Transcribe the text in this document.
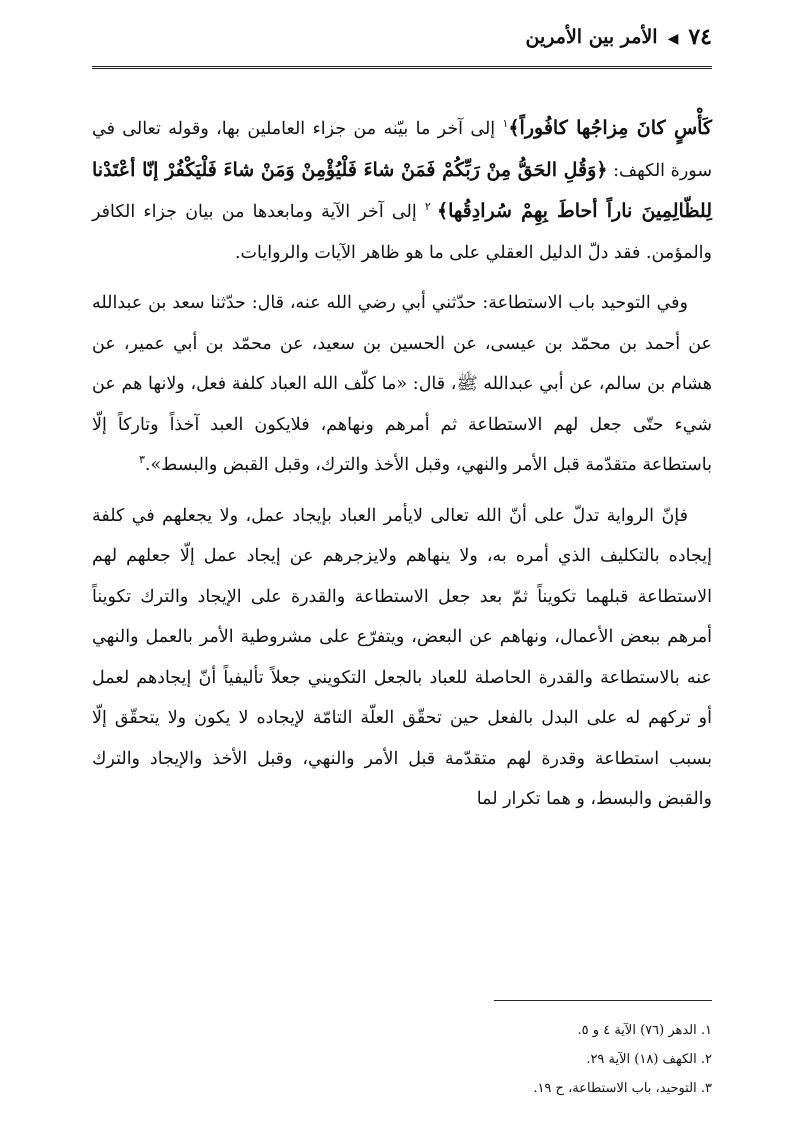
٧٤
◀
الأمر بين الأمرين

كَأْسٍ كانَ مِزاجُها كافُوراً﴾$^١$ إلى آخر ما بيّنه من جزاء العاملين بها، وقوله تعالى في سورة الكهف: ﴿وَقُلِ الحَقُّ مِنْ رَبِّكُمْ فَمَنْ شاءَ فَلْيُؤْمِنْ وَمَنْ شاءَ فَلْيَكْفُرْ إنّا أعْتَدْنا لِلظّالِمِينَ ناراً أحاطَ بِهِمْ سُرادِقُها﴾ $^٢$ إلى آخر الآية ومابعدها من بيان جزاء الكافر والمؤمن. فقد دلّ الدليل العقلي على ما هو ظاهر الآيات والروايات.

وفي التوحيد باب الاستطاعة: حدّثني أبي رضي الله عنه، قال: حدّثنا سعد بن عبدالله عن أحمد بن محمّد بن عيسى، عن الحسين بن سعيد، عن محمّد بن أبي عمير، عن هشام بن سالم، عن أبي عبدالله ﷺ، قال: «ما كلّف الله العباد كلفة فعل، ولانها هم عن شيء حتّى جعل لهم الاستطاعة ثم أمرهم ونهاهم، فلايكون العبد آخذاً وتاركاً إلّا باستطاعة متقدّمة قبل الأمر والنهي، وقبل الأخذ والترك، وقبل القبض والبسط».$^٣$

فإنّ الرواية تدلّ على أنّ الله تعالى لايأمر العباد بإيجاد عمل، ولا يجعلهم في كلفة إيجاده بالتكليف الذي أمره به، ولا ينهاهم ولايزجرهم عن إيجاد عمل إلّا جعلهم لهم الاستطاعة قبلهما تكويناً ثمّ بعد جعل الاستطاعة والقدرة على الإيجاد والترك تكويناً أمرهم ببعض الأعمال، ونهاهم عن البعض، ويتفرّع على مشروطية الأمر بالعمل والنهي عنه بالاستطاعة والقدرة الحاصلة للعباد بالجعل التكويني جعلاً تأليفياً أنّ إيجادهم لعمل أو تركهم له على البدل بالفعل حين تحقّق العلّة التامّة لإيجاده لا يكون ولا يتحقّق إلّا بسبب استطاعة وقدرة لهم متقدّمة قبل الأمر والنهي، وقبل الأخذ والإيجاد والترك والقبض والبسط، و هما تكرار لما

١. الدهر (٧٦) الآية ٤ و ٥.

٢. الكهف (١٨) الآية ٢٩.

٣. التوحيد، باب الاستطاعة، ح ١٩.
